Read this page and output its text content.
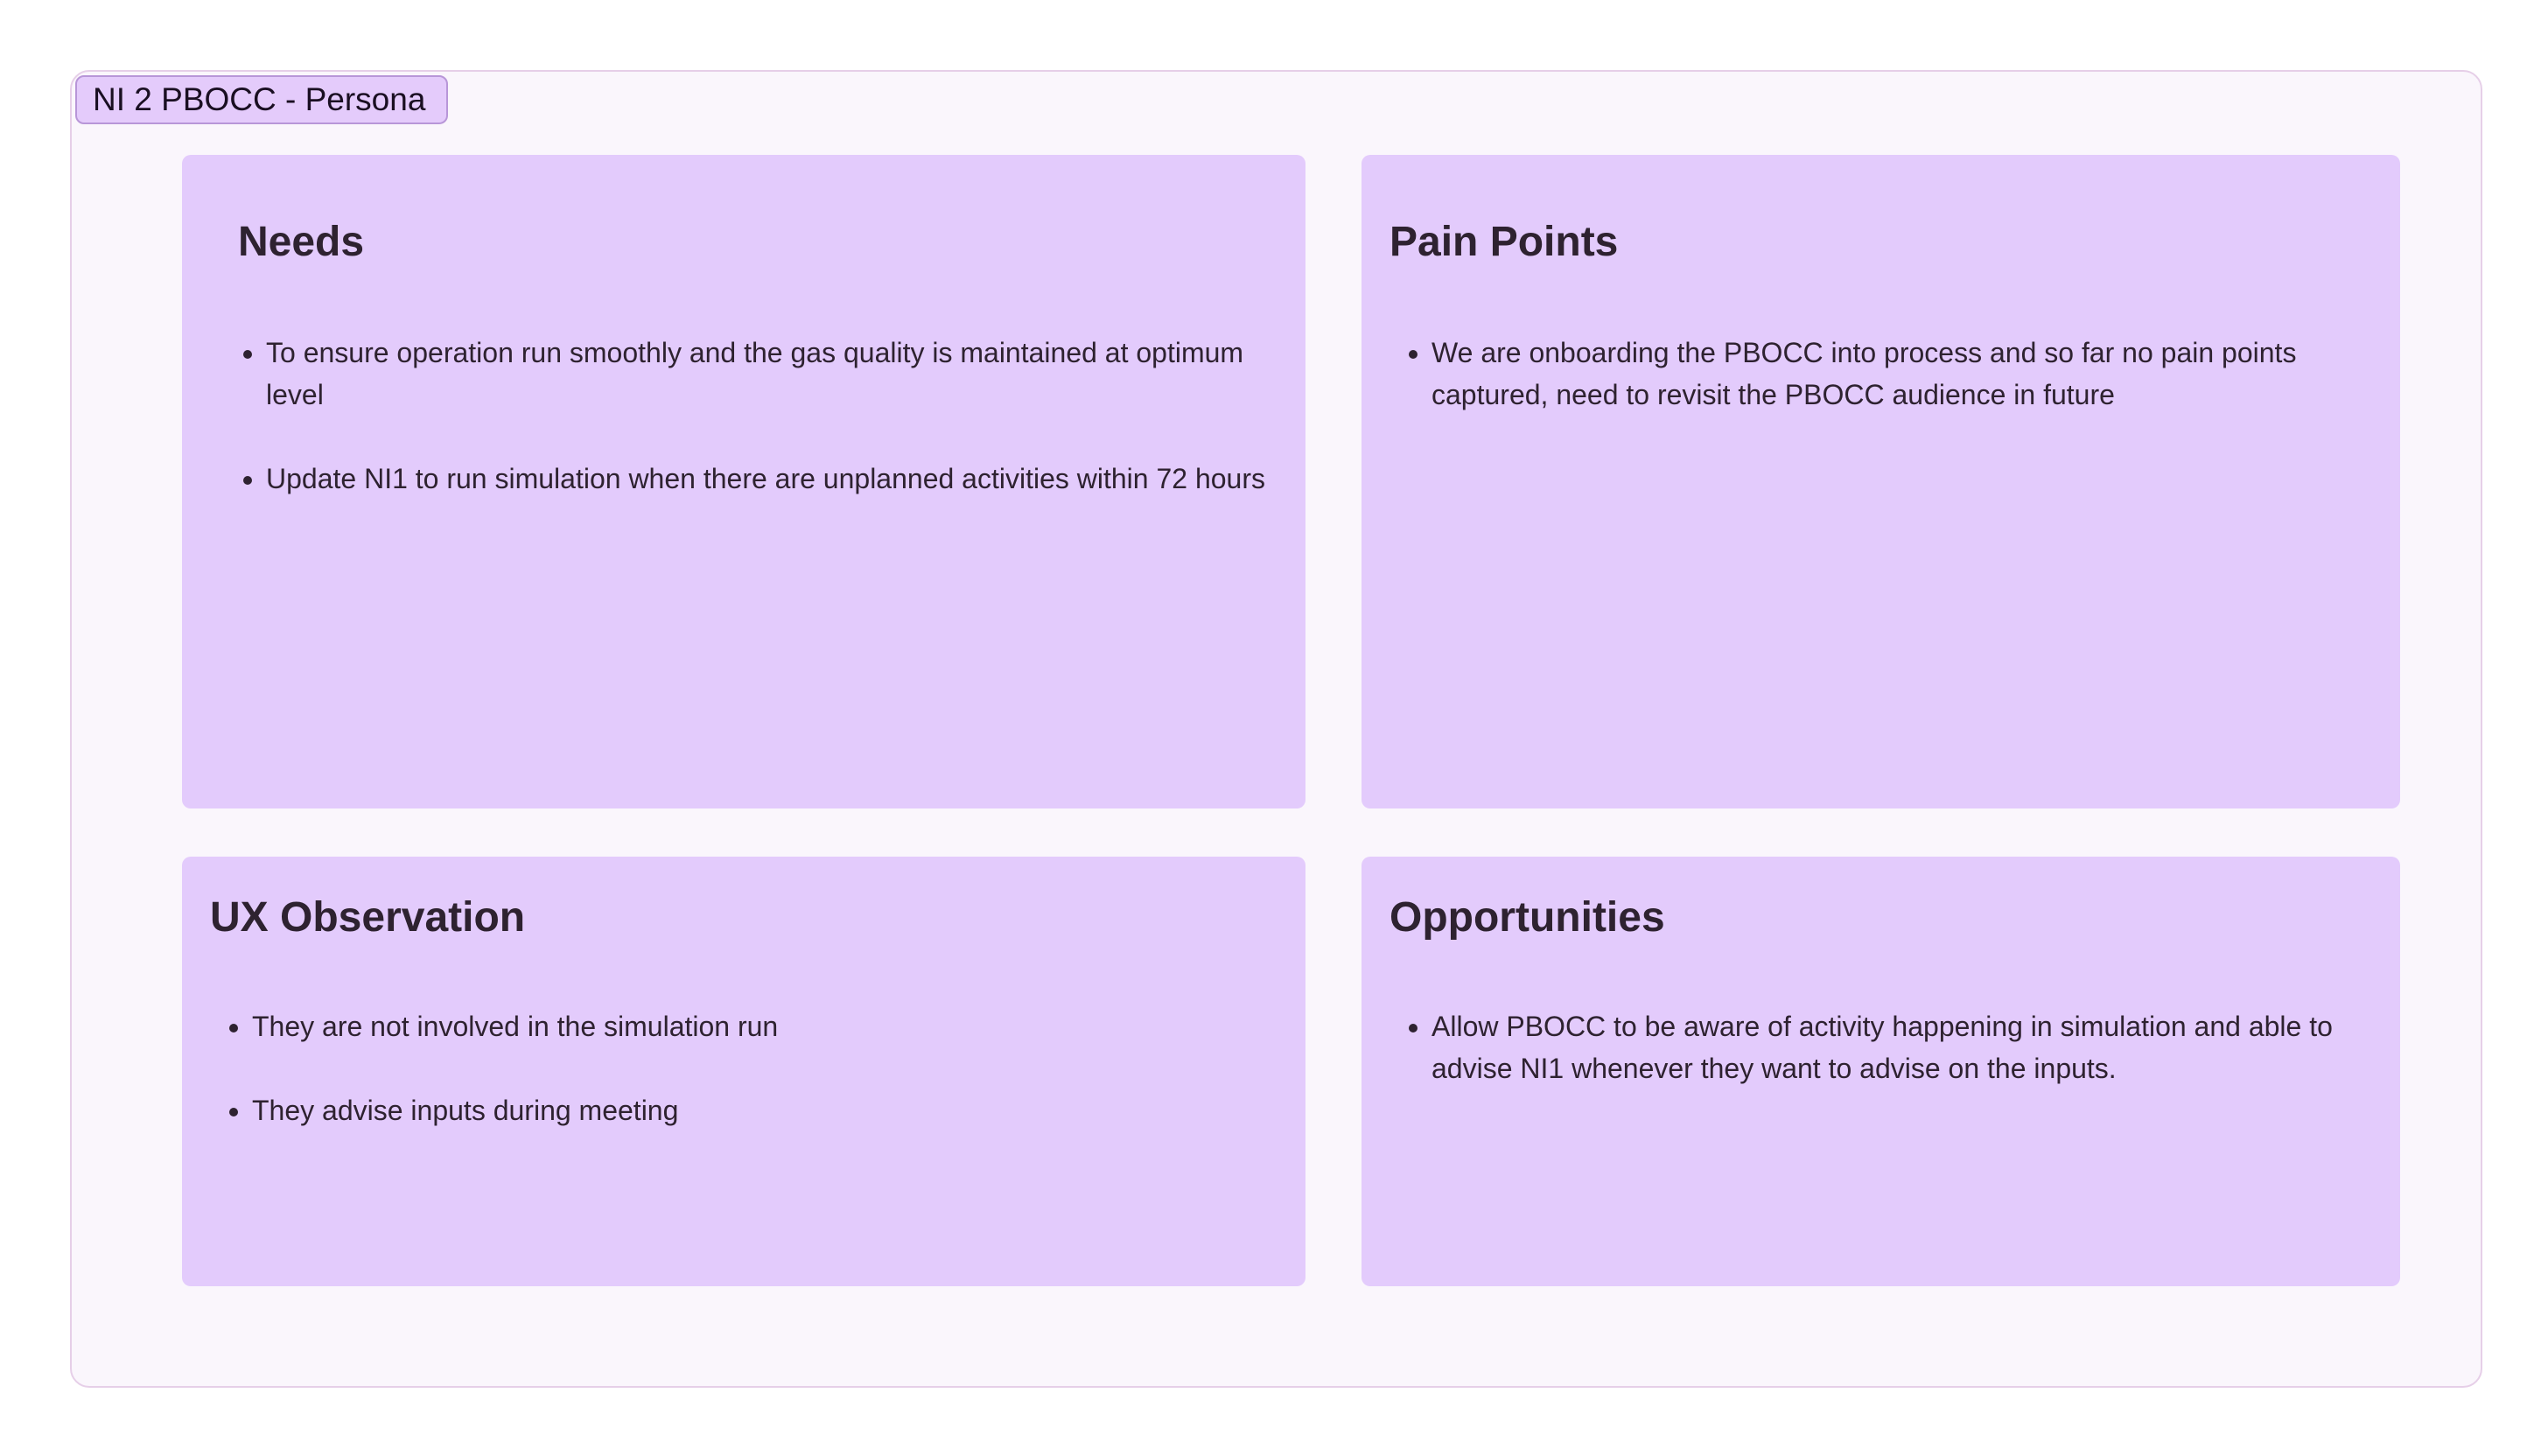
NI 2 PBOCC - Persona
Needs
• To ensure operation run smoothly and the gas quality is maintained at optimum level
• Update NI1 to run simulation when there are unplanned activities within 72 hours
Pain Points
• We are onboarding the PBOCC into process and so far no pain points captured, need to revisit the PBOCC audience in future
UX Observation
• They are not involved in the simulation run
• They advise inputs during meeting
Opportunities
• Allow PBOCC to be aware of activity happening in simulation and able to advise NI1 whenever they want to advise on the inputs.
